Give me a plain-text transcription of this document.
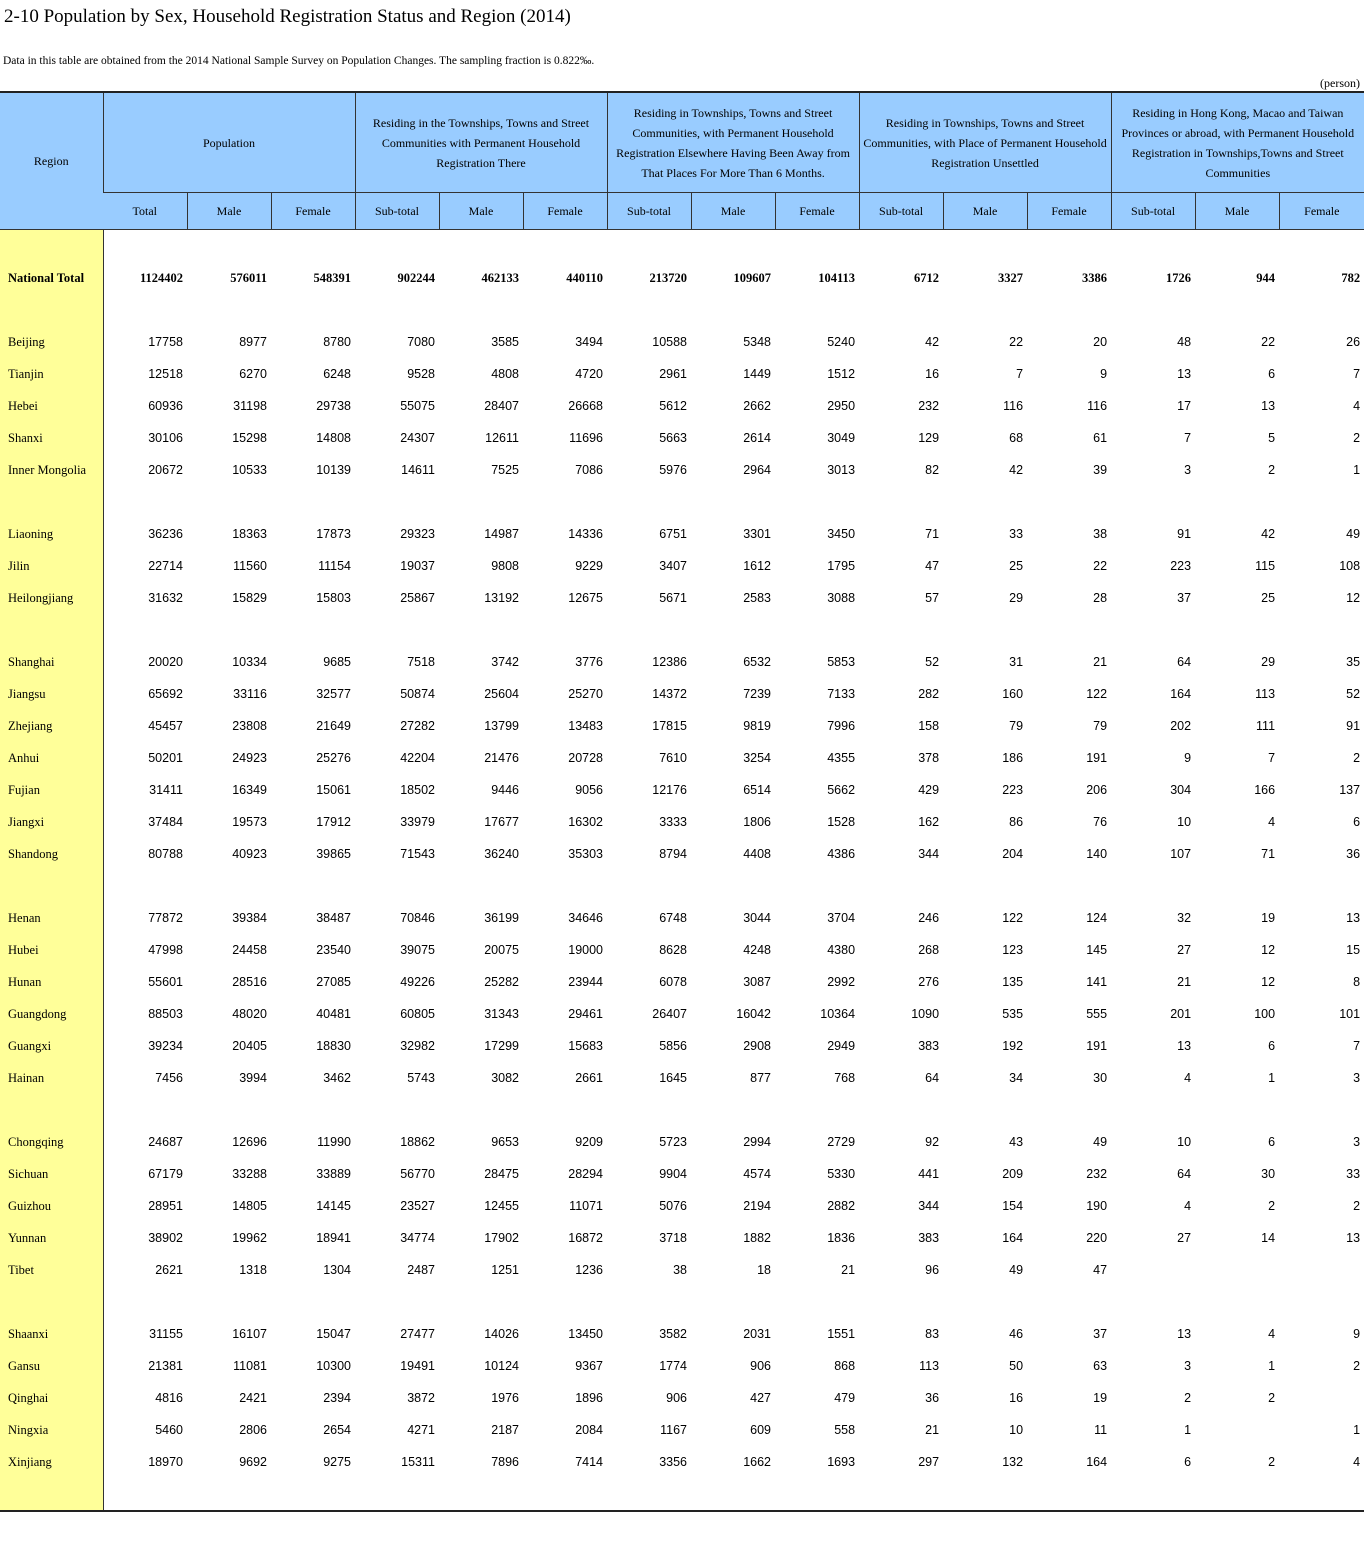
2-10 Population by Sex, Household Registration Status and Region (2014)
Data in this table are obtained from the 2014 National Sample Survey on Population Changes. The sampling fraction is 0.822‰.
(person)
Region	Population			Residing in the Townships, Towns and Street Communities with Permanent Household Registration There			Residing in Townships, Towns and Street Communities, with Permanent Household Registration Elsewhere Having Been Away from That Places For More Than 6 Months.			Residing in Townships, Towns and Street Communities, with Place of Permanent Household Registration Unsettled			Residing in Hong Kong, Macao and Taiwan Provinces or abroad, with Permanent Household Registration in Townships,Towns and Street Communities		
	Total	Male	Female	Sub-total	Male	Female	Sub-total	Male	Female	Sub-total	Male	Female	Sub-total	Male	Female

National Total	1124402	576011	548391	902244	462133	440110	213720	109607	104113	6712	3327	3386	1726	944	782

Beijing	17758	8977	8780	7080	3585	3494	10588	5348	5240	42	22	20	48	22	26
Tianjin	12518	6270	6248	9528	4808	4720	2961	1449	1512	16	7	9	13	6	7
Hebei	60936	31198	29738	55075	28407	26668	5612	2662	2950	232	116	116	17	13	4
Shanxi	30106	15298	14808	24307	12611	11696	5663	2614	3049	129	68	61	7	5	2
Inner Mongolia	20672	10533	10139	14611	7525	7086	5976	2964	3013	82	42	39	3	2	1

Liaoning	36236	18363	17873	29323	14987	14336	6751	3301	3450	71	33	38	91	42	49
Jilin	22714	11560	11154	19037	9808	9229	3407	1612	1795	47	25	22	223	115	108
Heilongjiang	31632	15829	15803	25867	13192	12675	5671	2583	3088	57	29	28	37	25	12

Shanghai	20020	10334	9685	7518	3742	3776	12386	6532	5853	52	31	21	64	29	35
Jiangsu	65692	33116	32577	50874	25604	25270	14372	7239	7133	282	160	122	164	113	52
Zhejiang	45457	23808	21649	27282	13799	13483	17815	9819	7996	158	79	79	202	111	91
Anhui	50201	24923	25276	42204	21476	20728	7610	3254	4355	378	186	191	9	7	2
Fujian	31411	16349	15061	18502	9446	9056	12176	6514	5662	429	223	206	304	166	137
Jiangxi	37484	19573	17912	33979	17677	16302	3333	1806	1528	162	86	76	10	4	6
Shandong	80788	40923	39865	71543	36240	35303	8794	4408	4386	344	204	140	107	71	36

Henan	77872	39384	38487	70846	36199	34646	6748	3044	3704	246	122	124	32	19	13
Hubei	47998	24458	23540	39075	20075	19000	8628	4248	4380	268	123	145	27	12	15
Hunan	55601	28516	27085	49226	25282	23944	6078	3087	2992	276	135	141	21	12	8
Guangdong	88503	48020	40481	60805	31343	29461	26407	16042	10364	1090	535	555	201	100	101
Guangxi	39234	20405	18830	32982	17299	15683	5856	2908	2949	383	192	191	13	6	7
Hainan	7456	3994	3462	5743	3082	2661	1645	877	768	64	34	30	4	1	3

Chongqing	24687	12696	11990	18862	9653	9209	5723	2994	2729	92	43	49	10	6	3
Sichuan	67179	33288	33889	56770	28475	28294	9904	4574	5330	441	209	232	64	30	33
Guizhou	28951	14805	14145	23527	12455	11071	5076	2194	2882	344	154	190	4	2	2
Yunnan	38902	19962	18941	34774	17902	16872	3718	1882	1836	383	164	220	27	14	13
Tibet	2621	1318	1304	2487	1251	1236	38	18	21	96	49	47			

Shaanxi	31155	16107	15047	27477	14026	13450	3582	2031	1551	83	46	37	13	4	9
Gansu	21381	11081	10300	19491	10124	9367	1774	906	868	113	50	63	3	1	2
Qinghai	4816	2421	2394	3872	1976	1896	906	427	479	36	16	19	2	2	
Ningxia	5460	2806	2654	4271	2187	2084	1167	609	558	21	10	11	1		1
Xinjiang	18970	9692	9275	15311	7896	7414	3356	1662	1693	297	132	164	6	2	4
